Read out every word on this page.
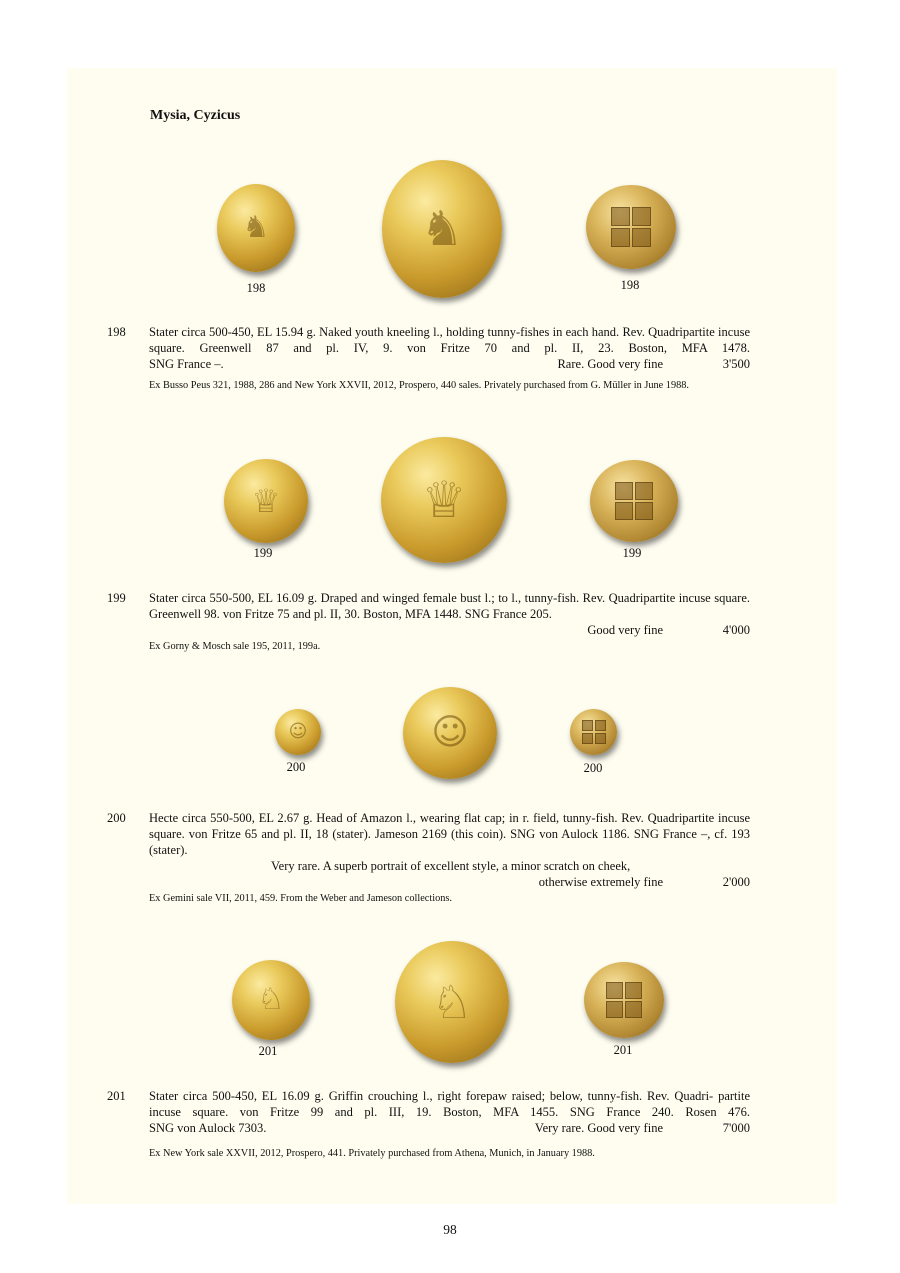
Mysia, Cyzicus
♞	♞
198	198
198 Stater circa 500-450, EL 15.94 g. Naked youth kneeling l., holding tunny-fishes in each hand. Rev. Quadripartite incuse square. Greenwell 87 and pl. IV, 9. von Fritze 70 and pl. II, 23. Boston, MFA 1478.

SNG France –.	Rare. Good very fine	3'500

Ex Busso Peus 321, 1988, 286 and New York XXVII, 2012, Prospero, 440 sales. Privately purchased from G. Müller in June 1988.

♕	♕
199	199
199 Stater circa 550-500, EL 16.09 g. Draped and winged female bust l.; to l., tunny-fish. Rev. Quadripartite incuse square. Greenwell 98. von Fritze 75 and pl. II, 30. Boston, MFA 1448. SNG France 205.

Good very fine	4'000

Ex Gorny & Mosch sale 195, 2011, 199a.

☺	☺
200	200
200 Hecte circa 550-500, EL 2.67 g. Head of Amazon l., wearing flat cap; in r. field, tunny-fish. Rev. Quadripartite incuse square. von Fritze 65 and pl. II, 18 (stater). Jameson 2169 (this coin). SNG von Aulock 1186. SNG France –, cf. 193 (stater).

Very rare. A superb portrait of excellent style, a minor scratch on cheek,
otherwise extremely fine	2'000

Ex Gemini sale VII, 2011, 459. From the Weber and Jameson collections.

♘	♘
201	201
201 Stater circa 500-450, EL 16.09 g. Griffin crouching l., right forepaw raised; below, tunny-fish. Rev. Quadri- partite incuse square. von Fritze 99 and pl. III, 19. Boston, MFA 1455. SNG France 240. Rosen 476.

SNG von Aulock 7303.	Very rare. Good very fine	7'000

Ex New York sale XXVII, 2012, Prospero, 441. Privately purchased from Athena, Munich, in January 1988.

98
